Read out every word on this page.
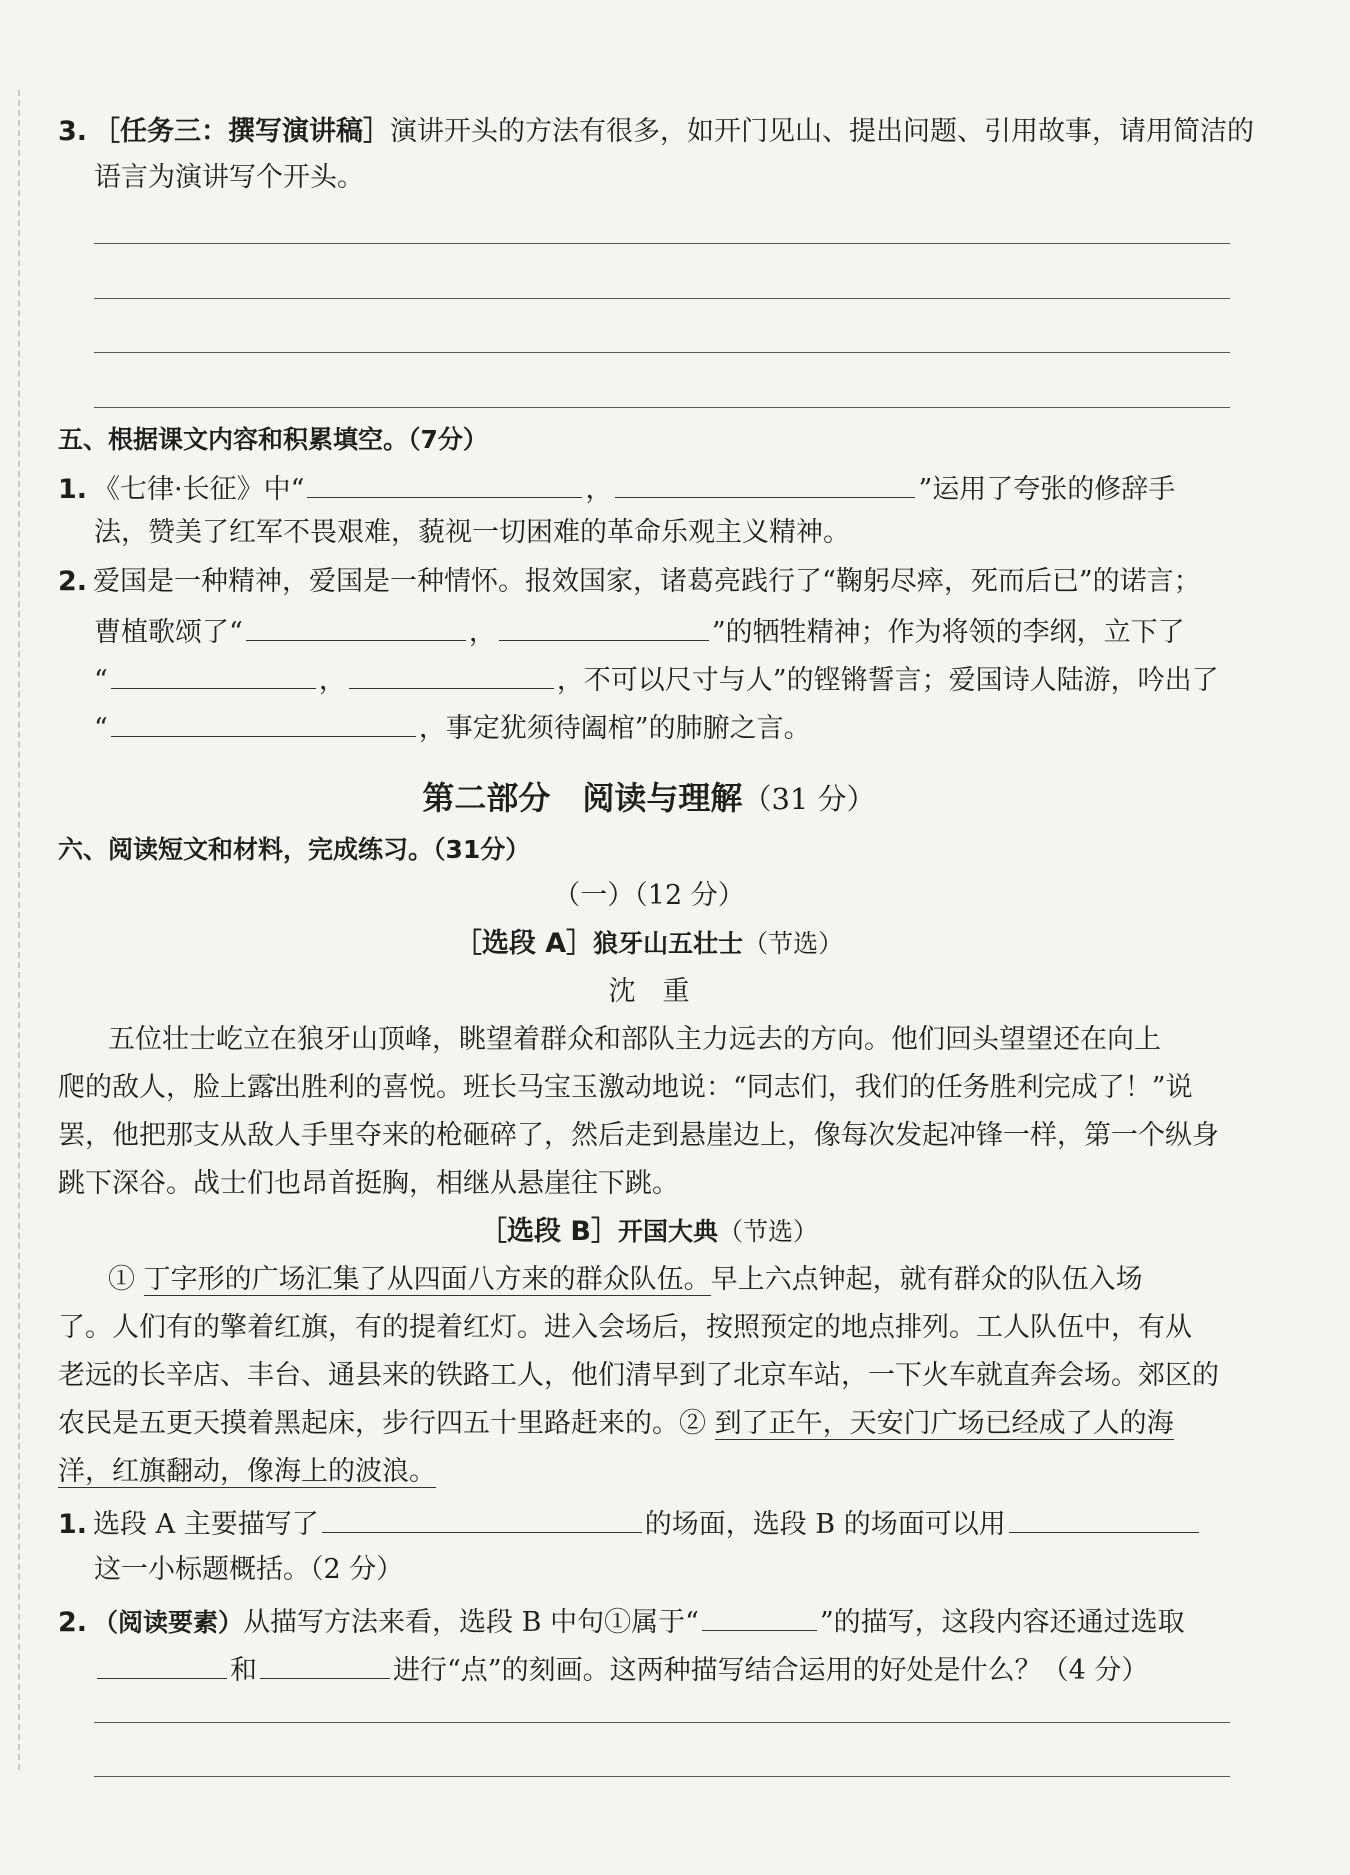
3. ［任务三：撰写演讲稿］演讲开头的方法有很多，如开门见山、提出问题、引用故事，请用简洁的
语言为演讲写个开头。
五、根据课文内容和积累填空。（7分）
1. 《七律·长征》中“	，	”运用了夸张的修辞手
法，赞美了红军不畏艰难，藐视一切困难的革命乐观主义精神。
2. 爱国是一种精神，爱国是一种情怀。报效国家，诸葛亮践行了“鞠躬尽瘁，死而后已”的诺言；
曹植歌颂了“	，	”的牺牲精神；作为将领的李纲，立下了
“	，	，不可以尺寸与人”的铿锵誓言；爱国诗人陆游，吟出了
“	，事定犹须待阖棺”的肺腑之言。
第二部分　阅读与理解（31 分）
六、阅读短文和材料，完成练习。（31分）
（一）（12 分）
［选段 A］狼牙山五壮士（节选）
沈　重
五位壮士屹立在狼牙山顶峰，眺望着群众和部队主力远去的方向。他们回头望望还在向上
爬的敌人，脸上露出 •胜利的喜悦。班长马宝玉激动地说：“同志们，我们的任务胜利完成了！”说
罢，他把那支从敌人手里夺来的枪砸碎了，然后走到悬崖边上，像每次发起冲锋一样，第一个纵身
跳下深谷。战士们也昂首挺胸，相继从悬崖往下跳。
［选段 B］开国大典（节选）
① 丁字形的广场汇集了从四面八方来的群众队伍。早上六点钟起，就有群众的队伍入场
了。人们有的擎着红旗，有的提着红灯。进入会场后，按照预定的地点排列。工人队伍中，有从
老远的长辛店、丰台、通县来的铁路工人，他们清早到了北京车站，一下火车就直奔会场。郊区的
农民是五更天摸着黑起床，步行四五十里路赶来的。② 到了正午，天安门广场已经成了人的海
洋，红旗翻动，像海上的波浪。
1. 选段 A 主要描写了	的场面，选段 B 的场面可以用
这一小标题概括。（2 分）
2. （阅读要素）从描写方法来看，选段 B 中句①属于“	”的描写，这段内容还通过选取
和	进行“点”的刻画。这两种描写结合运用的好处是什么？（4 分）
